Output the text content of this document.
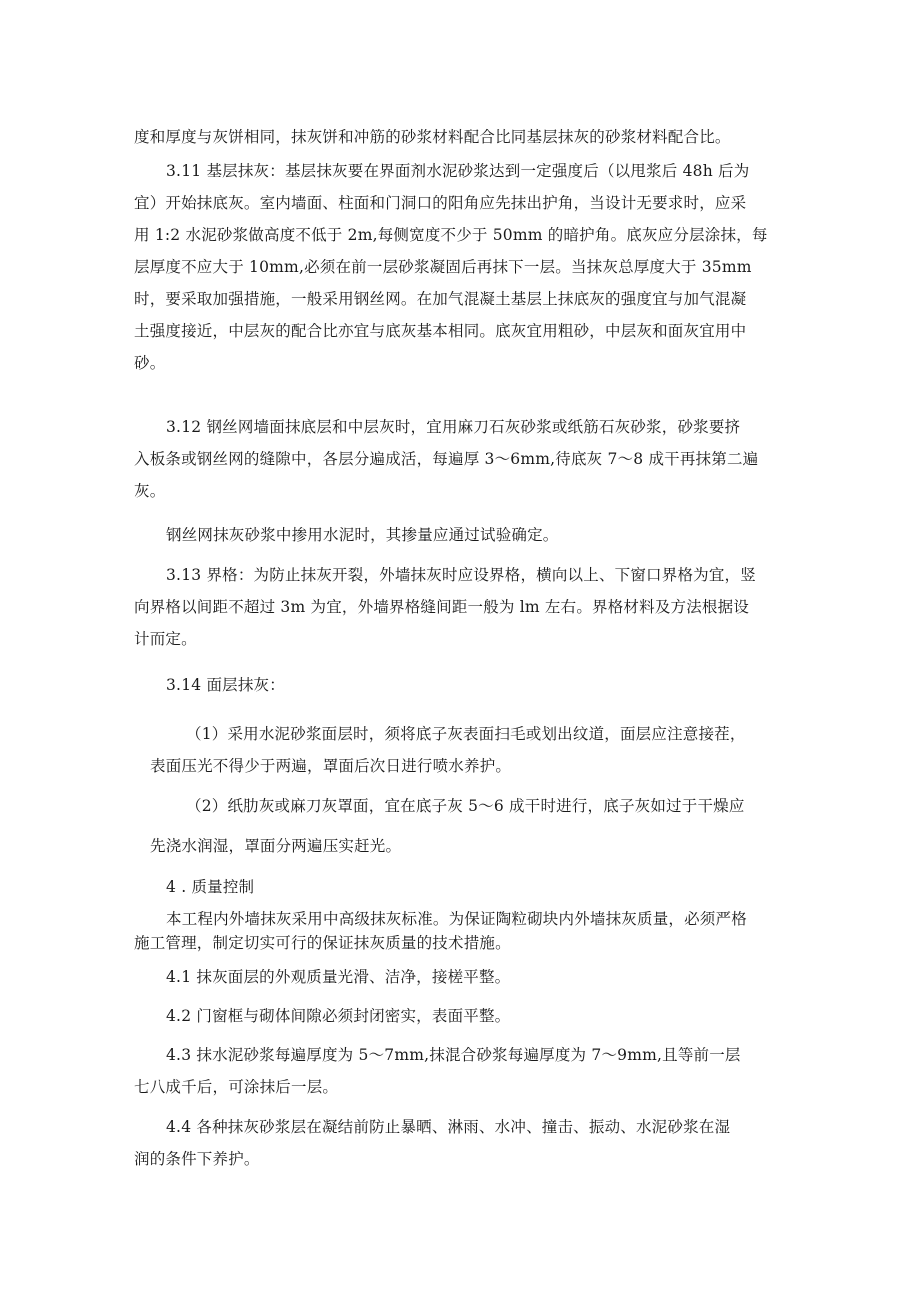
度和厚度与灰饼相同，抹灰饼和冲筋的砂浆材料配合比同基层抹灰的砂浆材料配合比。
3.11 基层抹灰：基层抹灰要在界面剂水泥砂浆达到一定强度后（以甩浆后 48h 后为
宜）开始抹底灰。室内墙面、柱面和门洞口的阳角应先抹出护角，当设计无要求时，应采
用 1:2 水泥砂浆做高度不低于 2m,每侧宽度不少于 50mm 的暗护角。底灰应分层涂抹，每
层厚度不应大于 10mm,必须在前一层砂浆凝固后再抹下一层。当抹灰总厚度大于 35mm
时，要采取加强措施，一般采用钢丝网。在加气混凝土基层上抹底灰的强度宜与加气混凝
土强度接近，中层灰的配合比亦宜与底灰基本相同。底灰宜用粗砂，中层灰和面灰宜用中
砂。
3.12 钢丝网墙面抹底层和中层灰时，宜用麻刀石灰砂浆或纸筋石灰砂浆，砂浆要挤
入板条或钢丝网的缝隙中，各层分遍成活，每遍厚 3～6mm,待底灰 7～8 成干再抹第二遍
灰。
钢丝网抹灰砂浆中掺用水泥时，其掺量应通过试验确定。
3.13 界格：为防止抹灰开裂，外墙抹灰时应设界格，横向以上、下窗口界格为宜，竖
向界格以间距不超过 3m 为宜，外墙界格缝间距一般为 lm 左右。界格材料及方法根据设
计而定。
3.14 面层抹灰：
（1）采用水泥砂浆面层时，须将底子灰表面扫毛或划出纹道，面层应注意接茬，
表面压光不得少于两遍，罩面后次日进行喷水养护。
（2）纸肋灰或麻刀灰罩面，宜在底子灰 5～6 成干时进行，底子灰如过于干燥应
先浇水润湿，罩面分两遍压实赶光。
4 . 质量控制
本工程内外墙抹灰采用中高级抹灰标准。为保证陶粒砌块内外墙抹灰质量，必须严格
施工管理，制定切实可行的保证抹灰质量的技术措施。
4.1 抹灰面层的外观质量光滑、洁净，接槎平整。
4.2 门窗框与砌体间隙必须封闭密实，表面平整。
4.3 抹水泥砂浆每遍厚度为 5～7mm,抹混合砂浆每遍厚度为 7～9mm,且等前一层
七八成千后，可涂抹后一层。
4.4 各种抹灰砂浆层在凝结前防止暴晒、淋雨、水冲、撞击、振动、水泥砂浆在湿
润的条件下养护。
